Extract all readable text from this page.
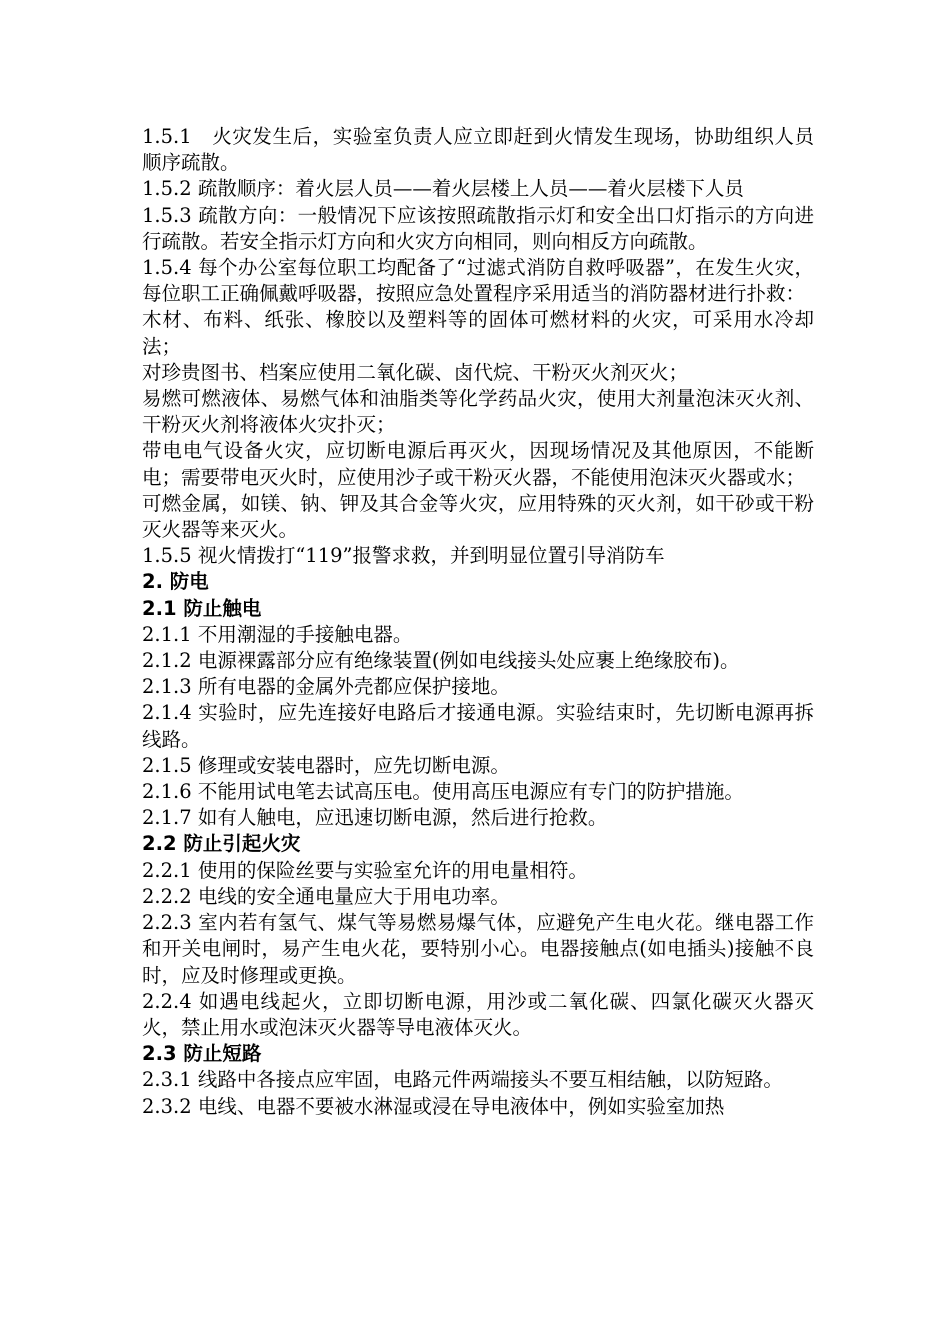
1.5.1　火灾发生后，实验室负责人应立即赶到火情发生现场，协助组织人员顺序疏散。

1.5.2 疏散顺序：着火层人员——着火层楼上人员——着火层楼下人员

1.5.3 疏散方向：一般情况下应该按照疏散指示灯和安全出口灯指示的方向进行疏散。若安全指示灯方向和火灾方向相同，则向相反方向疏散。

1.5.4 每个办公室每位职工均配备了“过滤式消防自救呼吸器”，在发生火灾，每位职工正确佩戴呼吸器，按照应急处置程序采用适当的消防器材进行扑救：

木材、布料、纸张、橡胶以及塑料等的固体可燃材料的火灾，可采用水冷却法；

对珍贵图书、档案应使用二氧化碳、卤代烷、干粉灭火剂灭火；

易燃可燃液体、易燃气体和油脂类等化学药品火灾，使用大剂量泡沫灭火剂、干粉灭火剂将液体火灾扑灭；

带电电气设备火灾，应切断电源后再灭火，因现场情况及其他原因，不能断电；需要带电灭火时，应使用沙子或干粉灭火器，不能使用泡沫灭火器或水；

可燃金属，如镁、钠、钾及其合金等火灾，应用特殊的灭火剂，如干砂或干粉灭火器等来灭火。

1.5.5 视火情拨打“119”报警求救，并到明显位置引导消防车

2. 防电

2.1 防止触电

2.1.1 不用潮湿的手接触电器。

2.1.2 电源裸露部分应有绝缘装置(例如电线接头处应裹上绝缘胶布)。

2.1.3 所有电器的金属外壳都应保护接地。

2.1.4 实验时，应先连接好电路后才接通电源。实验结束时，先切断电源再拆线路。

2.1.5 修理或安装电器时，应先切断电源。

2.1.6 不能用试电笔去试高压电。使用高压电源应有专门的防护措施。

2.1.7 如有人触电，应迅速切断电源，然后进行抢救。

2.2 防止引起火灾

2.2.1 使用的保险丝要与实验室允许的用电量相符。

2.2.2 电线的安全通电量应大于用电功率。

2.2.3 室内若有氢气、煤气等易燃易爆气体，应避免产生电火花。继电器工作和开关电闸时，易产生电火花，要特别小心。电器接触点(如电插头)接触不良时，应及时修理或更换。

2.2.4 如遇电线起火，立即切断电源，用沙或二氧化碳、四氯化碳灭火器灭火，禁止用水或泡沫灭火器等导电液体灭火。

2.3 防止短路

2.3.1 线路中各接点应牢固，电路元件两端接头不要互相结触，以防短路。

2.3.2 电线、电器不要被水淋湿或浸在导电液体中，例如实验室加热
